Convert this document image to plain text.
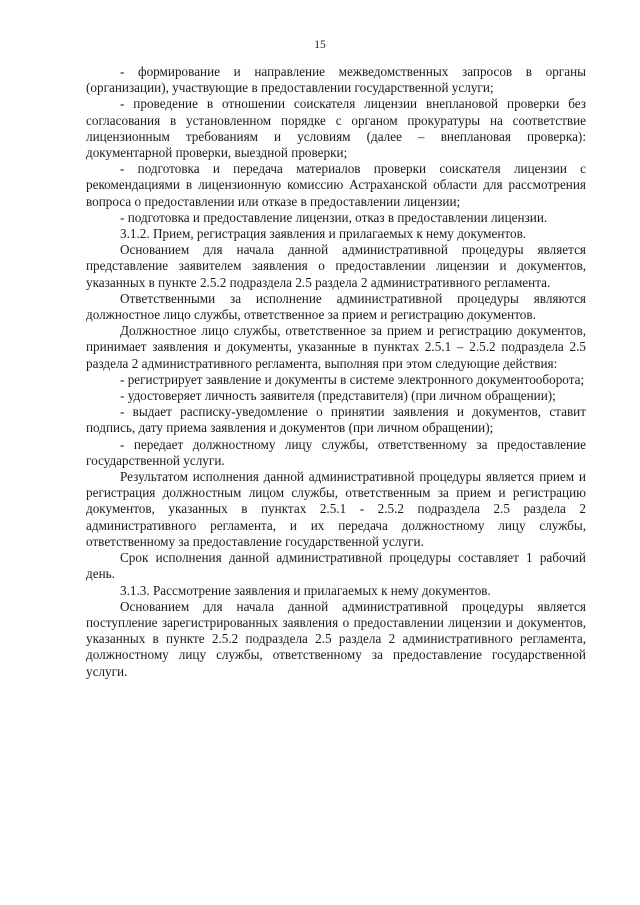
15

- формирование и направление межведомственных запросов в органы (организации), участвующие в предоставлении государственной услуги;

- проведение в отношении соискателя лицензии внеплановой проверки без согласования в установленном порядке с органом прокуратуры на соответствие лицензионным требованиям и условиям (далее – внеплановая проверка): документарной проверки, выездной проверки;

- подготовка и передача материалов проверки соискателя лицензии с рекомендациями в лицензионную комиссию Астраханской области для рассмотрения вопроса о предоставлении или отказе в предоставлении лицензии;

- подготовка и предоставление лицензии, отказ в предоставлении лицензии.

3.1.2. Прием, регистрация заявления и прилагаемых к нему документов.

Основанием для начала данной административной процедуры является представление заявителем заявления о предоставлении лицензии и документов, указанных в пункте 2.5.2 подраздела 2.5 раздела 2 административного регламента.

Ответственными за исполнение административной процедуры являются должностное лицо службы, ответственное за прием и регистрацию документов.

Должностное лицо службы, ответственное за прием и регистрацию документов, принимает заявления и документы, указанные в пунктах 2.5.1 – 2.5.2 подраздела 2.5 раздела 2 административного регламента, выполняя при этом следующие действия:

- регистрирует заявление и документы в системе электронного документооборота;

- удостоверяет личность заявителя (представителя) (при личном обращении);

- выдает расписку-уведомление о принятии заявления и документов, ставит подпись, дату приема заявления и документов (при личном обращении);

- передает должностному лицу службы, ответственному за предоставление государственной услуги.

Результатом исполнения данной административной процедуры является прием и регистрация должностным лицом службы, ответственным за прием и регистрацию документов, указанных в пунктах 2.5.1 - 2.5.2 подраздела 2.5 раздела 2 административного регламента, и их передача должностному лицу службы, ответственному за предоставление государственной услуги.

Срок исполнения данной административной процедуры составляет 1 рабочий день.

3.1.3. Рассмотрение заявления и прилагаемых к нему документов.

Основанием для начала данной административной процедуры является поступление зарегистрированных заявления о предоставлении лицензии и документов, указанных в пункте 2.5.2 подраздела 2.5 раздела 2 административного регламента, должностному лицу службы, ответственному за предоставление государственной услуги.
